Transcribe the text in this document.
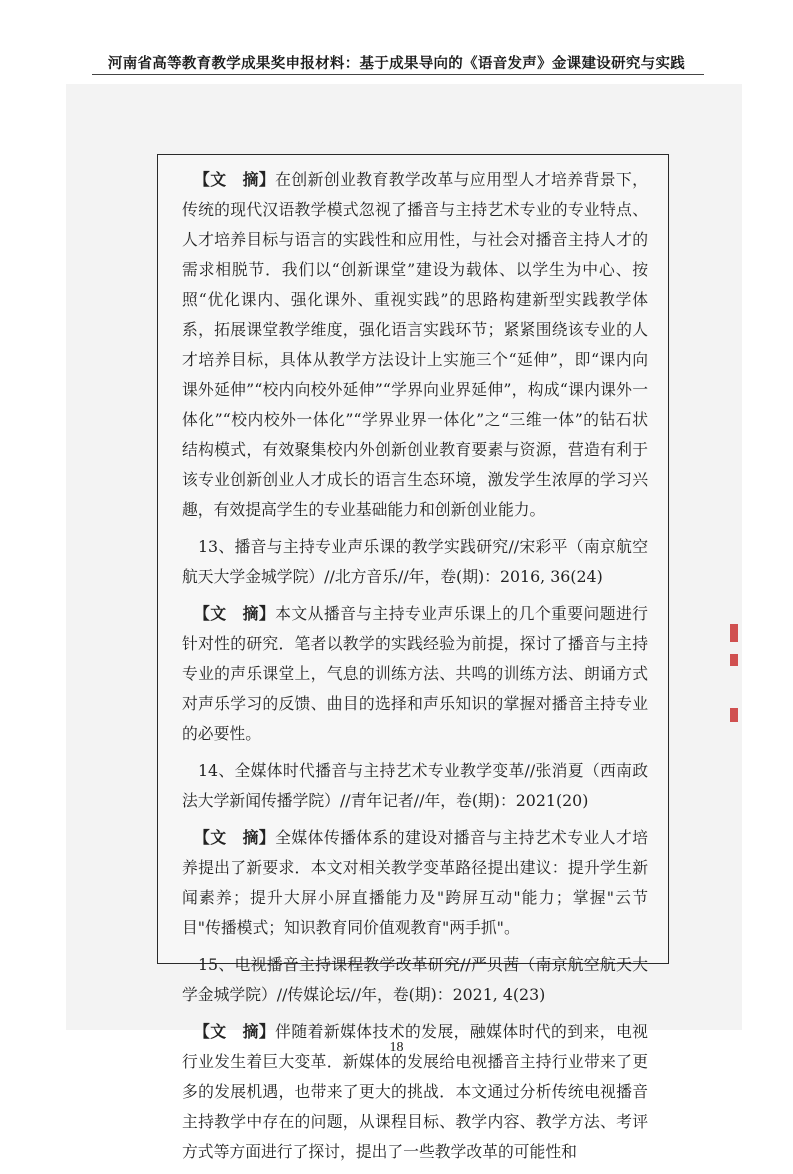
河南省高等教育教学成果奖申报材料：基于成果导向的《语音发声》金课建设研究与实践

【文　摘】在创新创业教育教学改革与应用型人才培养背景下，传统的现代汉语教学模式忽视了播音与主持艺术专业的专业特点、人才培养目标与语言的实践性和应用性，与社会对播音主持人才的需求相脱节．我们以“创新课堂”建设为载体、以学生为中心、按照“优化课内、强化课外、重视实践”的思路构建新型实践教学体系，拓展课堂教学维度，强化语言实践环节；紧紧围绕该专业的人才培养目标，具体从教学方法设计上实施三个“延伸”，即“课内向课外延伸”“校内向校外延伸”“学界向业界延伸”，构成“课内课外一体化”“校内校外一体化”“学界业界一体化”之“三维一体”的钻石状结构模式，有效聚集校内外创新创业教育要素与资源，营造有利于该专业创新创业人才成长的语言生态环境，激发学生浓厚的学习兴趣，有效提高学生的专业基础能力和创新创业能力。

13、播音与主持专业声乐课的教学实践研究//宋彩平（南京航空航天大学金城学院）//北方音乐//年，卷(期)：2016, 36(24)

【文　摘】本文从播音与主持专业声乐课上的几个重要问题进行针对性的研究．笔者以教学的实践经验为前提，探讨了播音与主持专业的声乐课堂上，气息的训练方法、共鸣的训练方法、朗诵方式对声乐学习的反馈、曲目的选择和声乐知识的掌握对播音主持专业的必要性。

14、全媒体时代播音与主持艺术专业教学变革//张消夏（西南政法大学新闻传播学院）//青年记者//年，卷(期)：2021(20)

【文　摘】全媒体传播体系的建设对播音与主持艺术专业人才培养提出了新要求．本文对相关教学变革路径提出建议：提升学生新闻素养；提升大屏小屏直播能力及"跨屏互动"能力；掌握"云节目"传播模式；知识教育同价值观教育"两手抓"。

15、电视播音主持课程教学改革研究//严贝茜（南京航空航天大学金城学院）//传媒论坛//年，卷(期)：2021, 4(23)

【文　摘】伴随着新媒体技术的发展，融媒体时代的到来，电视行业发生着巨大变革．新媒体的发展给电视播音主持行业带来了更多的发展机遇，也带来了更大的挑战．本文通过分析传统电视播音主持教学中存在的问题，从课程目标、教学内容、教学方法、考评方式等方面进行了探讨，提出了一些教学改革的可能性和

18
